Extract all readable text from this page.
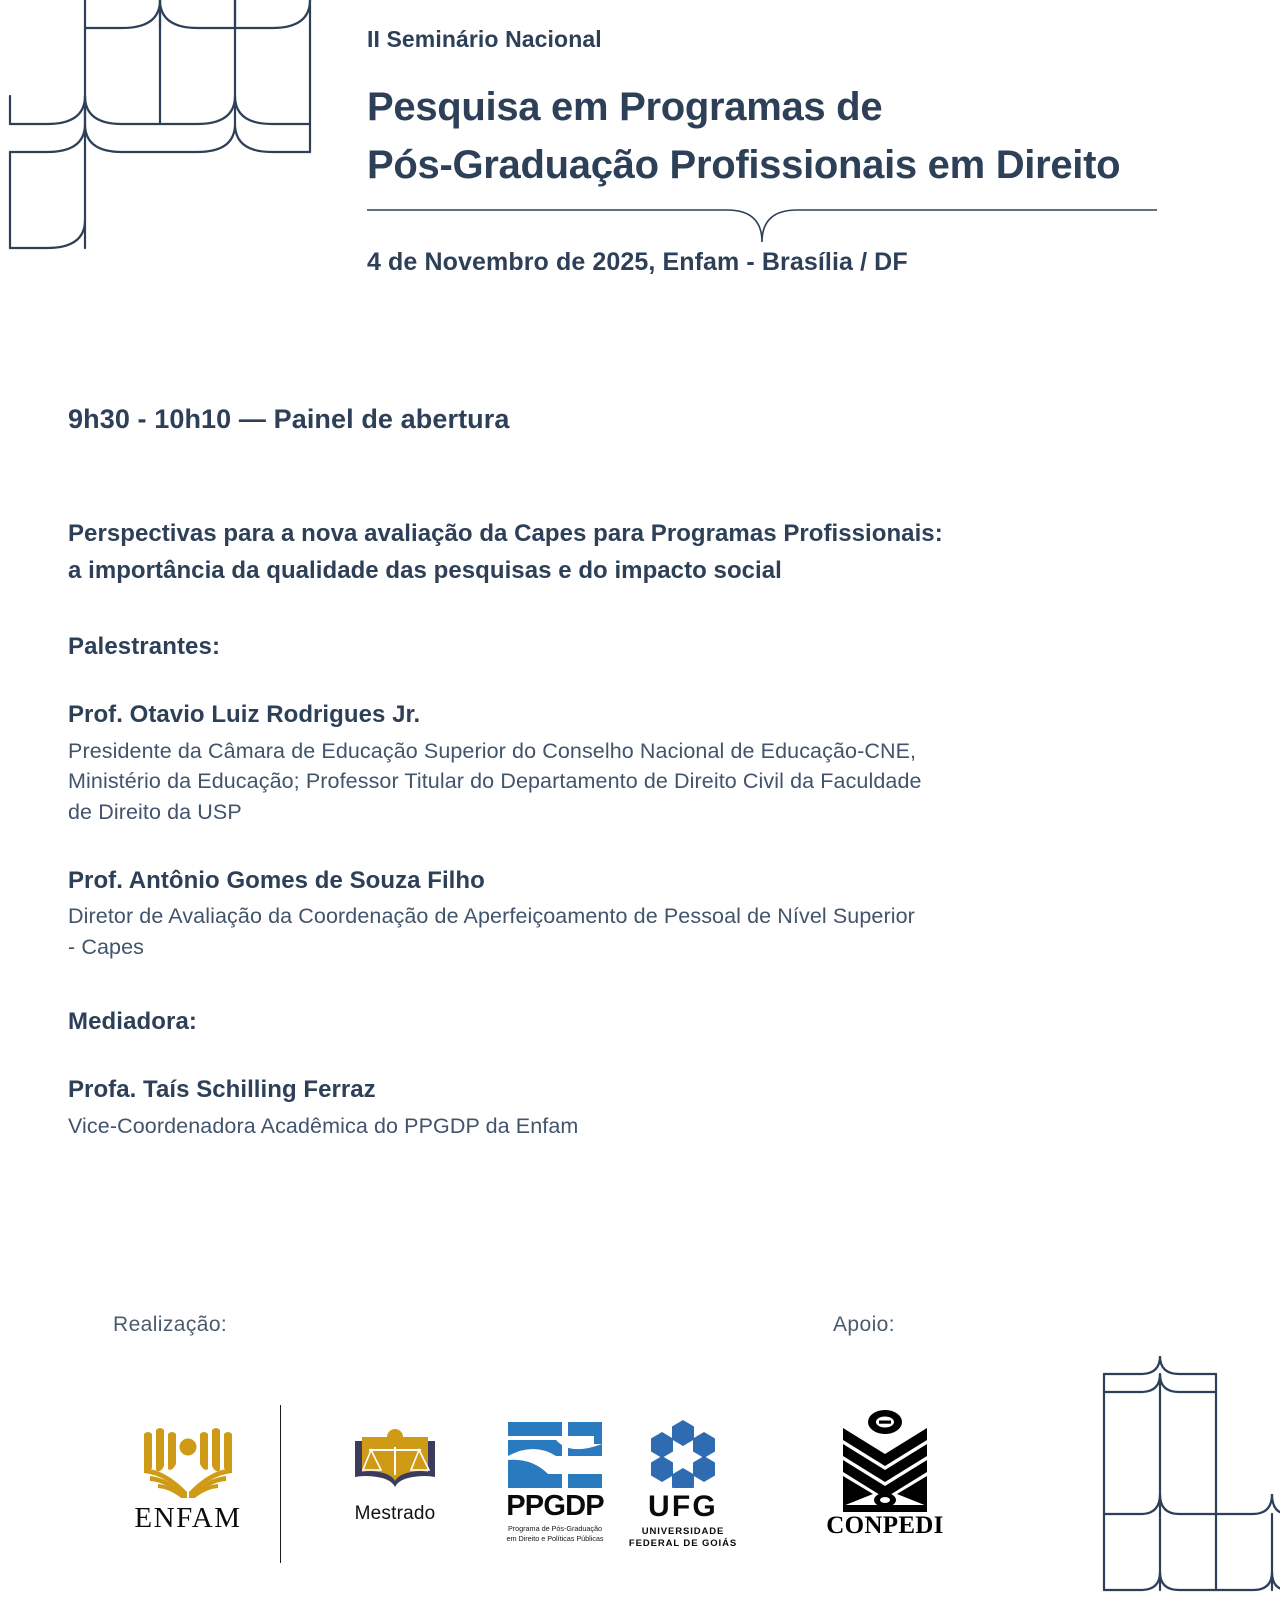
II Seminário Nacional
Pesquisa em Programas de
Pós-Graduação Profissionais em Direito
4 de Novembro de 2025, Enfam - Brasília / DF
9h30 - 10h10 — Painel de abertura
Perspectivas para a nova avaliação da Capes para Programas Profissionais:
a importância da qualidade das pesquisas e do impacto social
Palestrantes:
Prof. Otavio Luiz Rodrigues Jr.
Presidente da Câmara de Educação Superior do Conselho Nacional de Educação-CNE,
Ministério da Educação; Professor Titular do Departamento de Direito Civil da Faculdade
de Direito da USP
Prof. Antônio Gomes de Souza Filho
Diretor de Avaliação da Coordenação de Aperfeiçoamento de Pessoal de Nível Superior
- Capes
Mediadora:
Profa. Taís Schilling Ferraz
Vice-Coordenadora Acadêmica do PPGDP da Enfam
Realização:	Apoio:
ENFAM	Mestrado PPGDP
Programa de Pós-Graduação
em Direito e Políticas Públicas
UFG
UNIVERSIDADE
FEDERAL DE GOIÁS
CONPEDI
